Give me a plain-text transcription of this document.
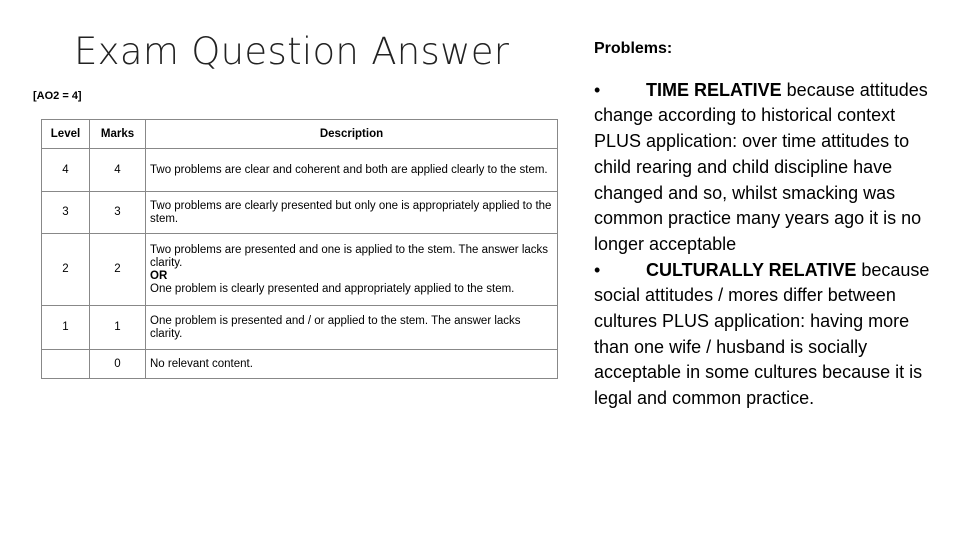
Exam Question Answer
[AO2 = 4]
Level	Marks	Description
4	4	Two problems are clear and coherent and both are applied clearly to the stem.

3	3	Two problems are clearly presented but only one is appropriately applied to the stem.

2	2	Two problems are presented and one is applied to the stem. The answer lacks clarity.
OR
One problem is clearly presented and appropriately applied to the stem.

1	1	One problem is presented and / or applied to the stem. The answer lacks clarity.

	0	No relevant content.
Problems:

•	TIME RELATIVE because attitudes change according to historical context PLUS application: over time attitudes to child rearing and child discipline have changed and so, whilst smacking was common practice many years ago it is no longer acceptable

•	CULTURALLY RELATIVE because social attitudes / mores differ between cultures PLUS application: having more than one wife / husband is socially acceptable in some cultures because it is legal and common practice.
